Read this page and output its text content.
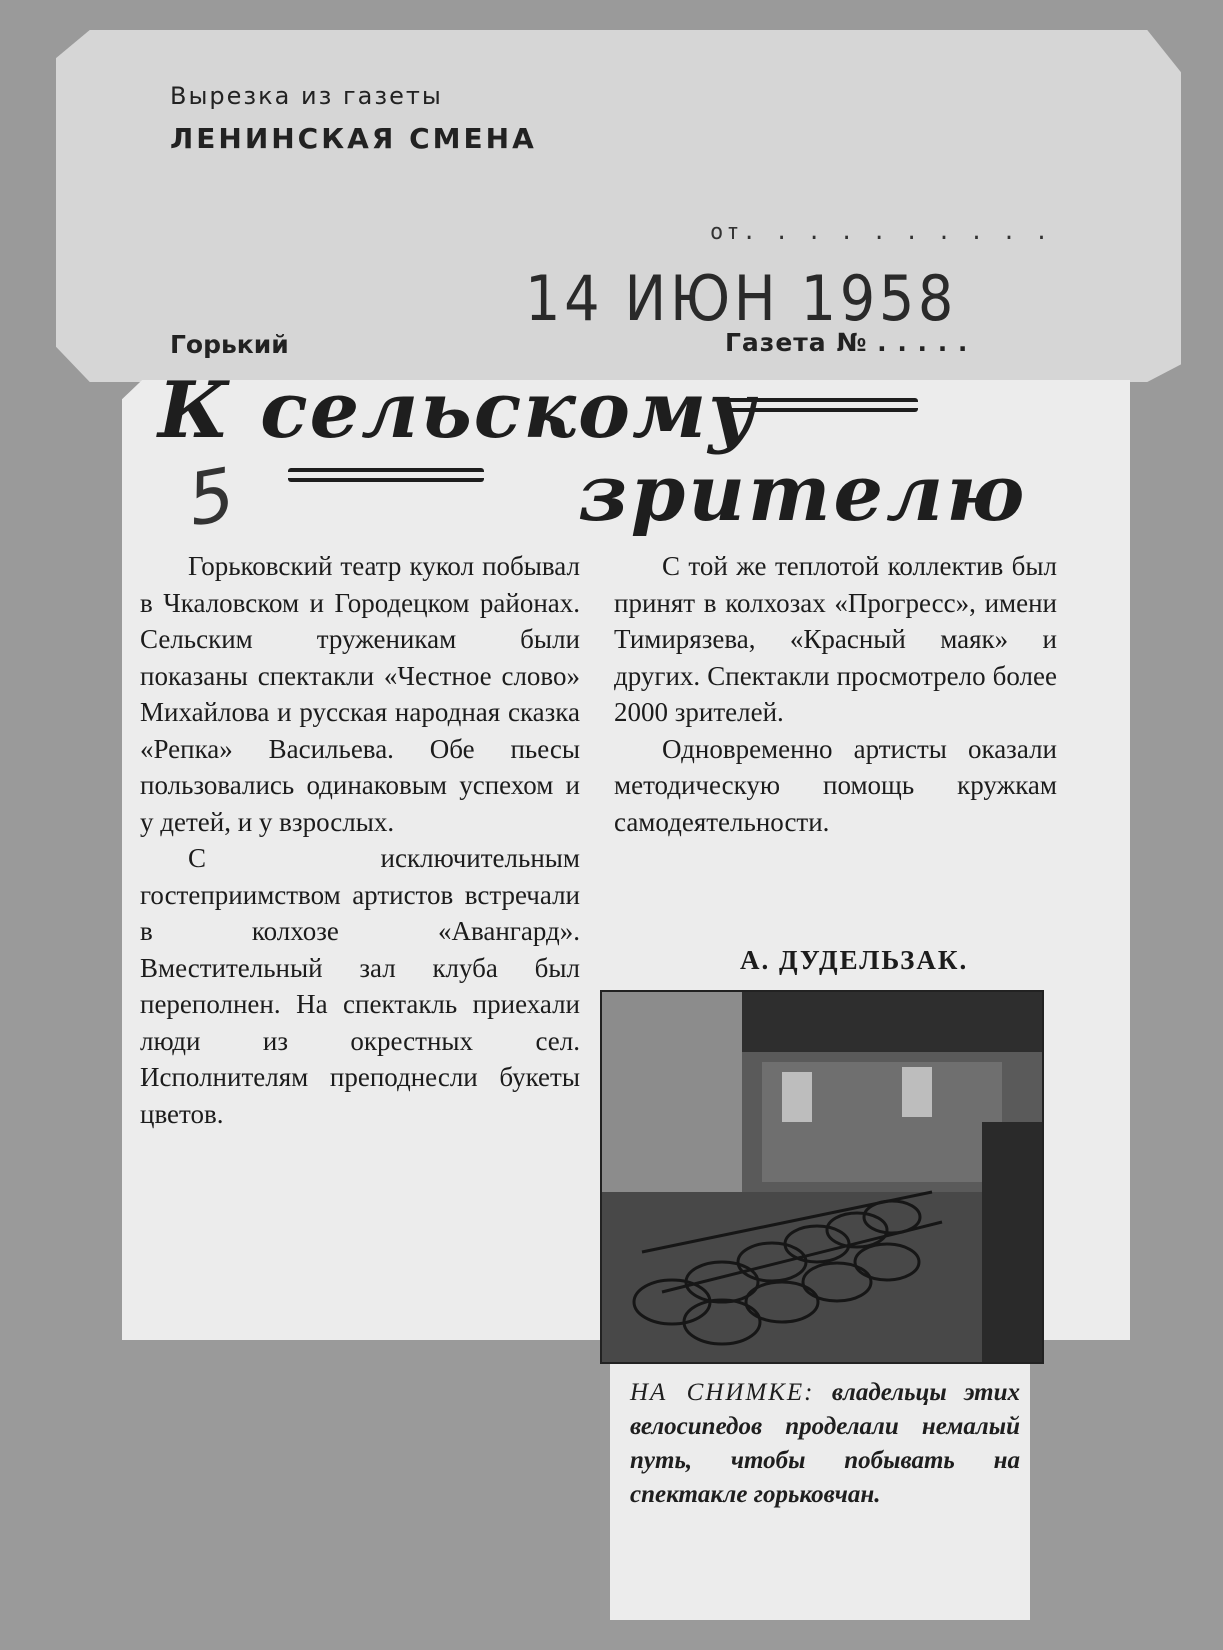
Вырезка из газеты
ЛЕНИНСКАЯ СМЕНА
от. . . . . . . . . .
14 ИЮН 1958
Горький	Газета № . . . . .
К сельскому
5	зрителю

Горьковский театр кукол побывал в Чкаловском и Городецком районах. Сельским труженикам были показаны спектакли «Честное слово» Михайлова и русская народная сказка «Репка» Васильева. Обе пьесы пользовались одинаковым успехом и у детей, и у взрослых.

С исключительным гостеприимством артистов встречали в колхозе «Авангард». Вместительный зал клуба был переполнен. На спектакль приехали люди из окрестных сел. Исполнителям преподнесли букеты цветов.

С той же теплотой коллектив был принят в колхозах «Прогресс», имени Тимирязева, «Красный маяк» и других. Спектакли просмотрело более 2000 зрителей.

Одновременно артисты оказали методическую помощь кружкам самодеятельности.

А. ДУДЕЛЬЗАК.
НА СНИМКЕ: владельцы этих велосипедов проделали немалый путь, чтобы побывать на спектакле горьковчан.
